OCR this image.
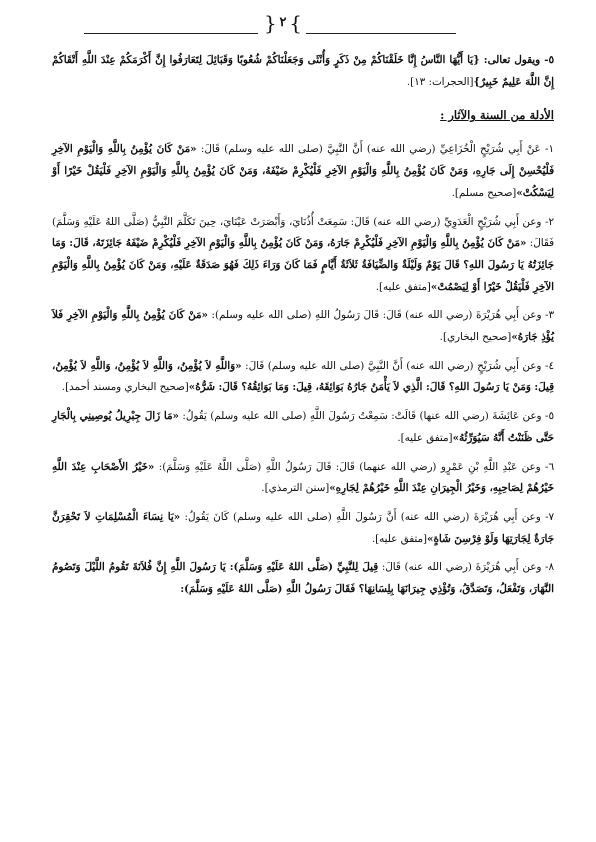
{ ٢ }

٥- ويقول تعالى: {يَا أَيُّهَا النَّاسُ إِنَّا خَلَقْنَاكُمْ مِنْ ذَكَرٍ وَأُنْثَى وَجَعَلْنَاكُمْ شُعُوبًا وَقَبَائِلَ لِتَعَارَفُوا إِنَّ أَكْرَمَكُمْ عِنْدَ اللَّهِ أَتْقَاكُمْ إِنَّ اللَّهَ عَلِيمٌ خَبِيرٌ}[الحجرات: ١٣].

الأدلة من السنة والآثار :

١- عَنْ أَبِي شُرَيْحٍ الْخُزَاعِيِّ (رضي الله عنه) أَنَّ النَّبِيَّ (صلى الله عليه وسلم) قَالَ: «مَنْ كَانَ يُؤْمِنُ بِاللَّهِ وَالْيَوْمِ الآخِرِ فَلْيُحْسِنْ إِلَى جَارِهِ، وَمَنْ كَانَ يُؤْمِنُ بِاللَّهِ وَالْيَوْمِ الآخِرِ فَلْيُكْرِمْ ضَيْفَهُ، وَمَنْ كَانَ يُؤْمِنُ بِاللَّهِ وَالْيَوْمِ الآخِرِ فَلْيَقُلْ خَيْرًا أَوْ لِيَسْكُتْ»[صحيح مسلم].

٢- وعن أَبِي شُرَيْحٍ الْعَدَوِيِّ (رضي الله عنه) قَالَ: سَمِعَتْ أُذُنَايَ، وَأَبْصَرَتْ عَيْنَايَ، حِينَ تَكَلَّمَ النَّبِيُّ (صَلَّى اللهُ عَلَيْهِ وَسَلَّمَ) فَقَالَ: «مَنْ كَانَ يُؤْمِنُ بِاللَّهِ وَالْيَوْمِ الآخِرِ فَلْيُكْرِمْ جَارَهُ، وَمَنْ كَانَ يُؤْمِنُ بِاللَّهِ وَالْيَوْمِ الآخِرِ فَلْيُكْرِمْ ضَيْفَهُ جَائِزَتَهُ، قَالَ: وَمَا جَائِزَتُهُ يَا رَسُولَ اللهِ؟ قَالَ يَوْمٌ وَلَيْلَةٌ وَالضِّيَافَةُ ثَلاَثَةُ أَيَّامٍ فَمَا كَانَ وَرَاءَ ذَلِكَ فَهُوَ صَدَقَةٌ عَلَيْهِ، وَمَنْ كَانَ يُؤْمِنُ بِاللَّهِ وَالْيَوْمِ الآخِرِ فَلْيَقُلْ خَيْرًا أَوْ لِيَصْمُتْ»[متفق عليه].

٣- وعن أَبِي هُرَيْرَةَ (رضي الله عنه) قَالَ: قَالَ رَسُولُ اللهِ (صلى الله عليه وسلم): «مَنْ كَانَ يُؤْمِنُ بِاللَّهِ وَالْيَوْمِ الآخِرِ فَلاَ يُؤْذِ جَارَهُ»[صحيح البخاري].

٤- وعن أَبِي شُرَيْحٍ (رضي الله عنه) أَنَّ النَّبِيَّ (صلى الله عليه وسلم) قَالَ: «وَاللَّهِ لاَ يُؤْمِنُ، وَاللَّهِ لاَ يُؤْمِنُ، وَاللَّهِ لاَ يُؤْمِنُ، قِيلَ: وَمَنْ يَا رَسُولَ اللهِ؟ قَالَ: الَّذِي لاَ يَأْمَنُ جَارُهُ بَوَائِقَهُ، قِيلَ: وَمَا بَوَائِقُهُ؟ قَالَ: شَرُّهُ»[صحيح البخاري ومسند أحمد].

٥- وعن عَائِشَةَ (رضي الله عنها) قَالَتْ: سَمِعْتُ رَسُولَ اللَّهِ (صلى الله عليه وسلم) يَقُولُ: «مَا زَالَ جِبْرِيلُ يُوصِينِي بِالْجَارِ حَتَّى ظَنَنْتُ أَنَّهُ سَيُوَرِّثُهُ»[متفق عليه].

٦- وعن عَبْدِ اللَّهِ بْنِ عَمْرٍو (رضي الله عنهما) قَالَ: قَالَ رَسُولُ اللَّهِ (صَلَّى اللَّهُ عَلَيْهِ وَسَلَّمَ): «خَيْرُ الأَصْحَابِ عِنْدَ اللَّهِ خَيْرُهُمْ لِصَاحِبِهِ، وَخَيْرُ الْجِيرَانِ عِنْدَ اللَّهِ خَيْرُهُمْ لِجَارِهِ»[سنن الترمذي].

٧- وعن أَبِي هُرَيْرَةَ (رضي الله عنه) أَنَّ رَسُولَ اللَّهِ (صلى الله عليه وسلم) كَانَ يَقُولُ: «يَا نِسَاءَ الْمُسْلِمَاتِ لاَ تَحْقِرَنَّ جَارَةٌ لِجَارَتِهَا وَلَوْ فِرْسِنَ شَاةٍ»[متفق عليه].

٨- وعن أَبِي هُرَيْرَةَ (رضي الله عنه) قَالَ: قِيلَ لِلنَّبِيِّ (صَلَّى اللهُ عَلَيْهِ وَسَلَّمَ): يَا رَسُولَ اللَّهِ إِنَّ فُلاَنَةَ تَقُومُ اللَّيْلَ وَتَصُومُ النَّهَارَ، وَتَفْعَلُ، وَتَصَدَّقُ، وَتُؤْذِي جِيرَانَهَا بِلِسَانِهَا؟ فَقَالَ رَسُولُ اللَّهِ (صَلَّى اللهُ عَلَيْهِ وَسَلَّمَ):
